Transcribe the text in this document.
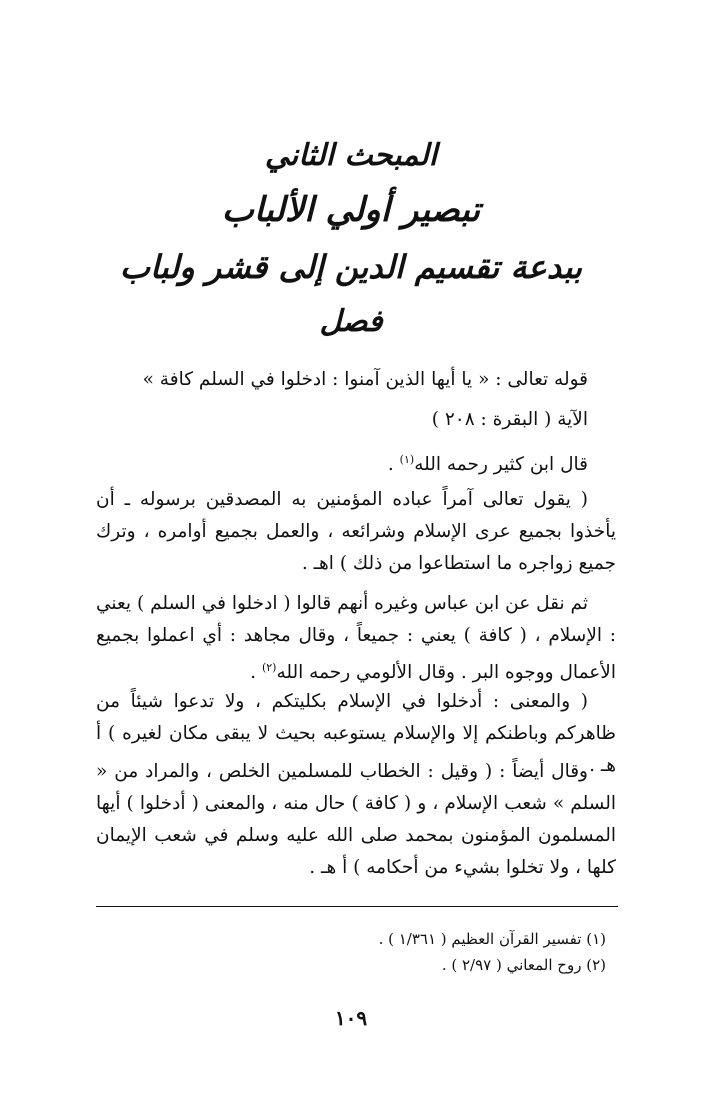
المبحث الثاني
تبصير أولي الألباب
ببدعة تقسيم الدين إلى قشر ولباب
فصل
قوله تعالى : « يا أيها الذين آمنوا : ادخلوا في السلم كافة »
الآية ( البقرة : ٢٠٨ )
قال ابن كثير رحمه الله$^{(١)}$ .
( يقول تعالى آمراً عباده المؤمنين به المصدقين برسوله ـ أن يأخذوا بجميع عرى الإسلام وشرائعه ، والعمل بجميع أوامره ، وترك جميع زواجره ما استطاعوا من ذلك ) اهـ .
ثم نقل عن ابن عباس وغيره أنهم قالوا ( ادخلوا في السلم ) يعني : الإسلام ، ( كافة ) يعني : جميعاً ، وقال مجاهد : أي اعملوا بجميع الأعمال ووجوه البر . وقال الألومي رحمه الله$^{(٢)}$ .
( والمعنى : أدخلوا في الإسلام بكليتكم ، ولا تدعوا شيئاً من ظاهركم وباطنكم إلا والإسلام يستوعبه بحيث لا يبقى مكان لغيره ) أ هـ .
وقال أيضاً : ( وقيل : الخطاب للمسلمين الخلص ، والمراد من « السلم » شعب الإسلام ، و ( كافة ) حال منه ، والمعنى ( أدخلوا ) أيها المسلمون المؤمنون بمحمد صلى الله عليه وسلم في شعب الإيمان كلها ، ولا تخلوا بشيء من أحكامه ) أ هـ .
(١) تفسير القرآن العظيم ( ١/٣٦١ ) .
(٢) روح المعاني ( ٢/٩٧ ) .
١٠٩
